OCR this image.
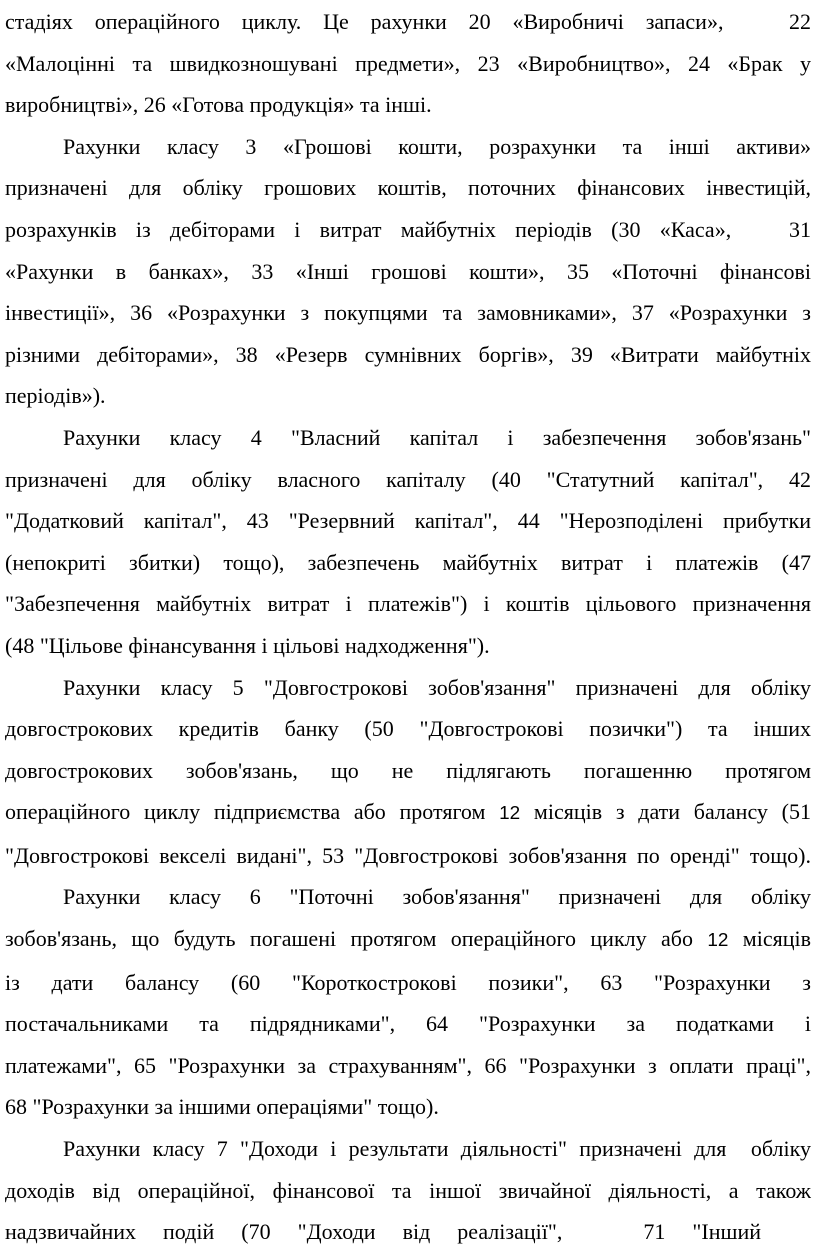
стадіях операційного циклу. Це рахунки 20 «Виробничі запаси»,   22
«Малоцінні та швидкозношувані предмети», 23 «Виробництво», 24 «Брак у
виробництві», 26 «Готова продукція» та інші.
Рахунки класу 3 «Грошові кошти, розрахунки та інші активи»
призначені для обліку грошових коштів, поточних фінансових інвестицій,
розрахунків із дебіторами і витрат майбутніх періодів (30 «Каса»,   31
«Рахунки в банках», 33 «Інші грошові кошти», 35 «Поточні фінансові
інвестиції», 36 «Розрахунки з покупцями та замовниками», 37 «Розрахунки з
різними дебіторами», 38 «Резерв сумнівних боргів», 39 «Витрати майбутніх
періодів»).
Рахунки класу 4 "Власний капітал і забезпечення зобов'язань"
призначені для обліку власного капіталу (40 "Статутний капітал", 42
"Додатковий капітал", 43 "Резервний капітал", 44 "Нерозподілені прибутки
(непокриті збитки) тощо), забезпечень майбутніх витрат і платежів (47
"Забезпечення майбутніх витрат і платежів") і коштів цільового призначення
(48 "Цільове фінансування і цільові надходження").
Рахунки класу 5 "Довгострокові зобов'язання" призначені для обліку
довгострокових кредитів банку (50 "Довгострокові позички") та інших
довгострокових зобов'язань, що не підлягають погашенню протягом
операційного циклу підприємства або протягом 12 місяців з дати балансу (51
"Довгострокові векселі видані", 53 "Довгострокові зобов'язання по оренді" тощо).
Рахунки класу 6 "Поточні зобов'язання" призначені для обліку
зобов'язань, що будуть погашені протягом операційного циклу або 12 місяців
із дати балансу (60 "Короткострокові позики", 63 "Розрахунки з
постачальниками та підрядниками", 64 "Розрахунки за податками і
платежами", 65 "Розрахунки за страхуванням", 66 "Розрахунки з оплати праці",
68 "Розрахунки за іншими операціями" тощо).
Рахунки класу 7 "Доходи і результати діяльності" призначені для  обліку
доходів від операційної, фінансової та іншої звичайної діяльності, а також
надзвичайних подій (70 "Доходи від реалізації",   71 "Інший
